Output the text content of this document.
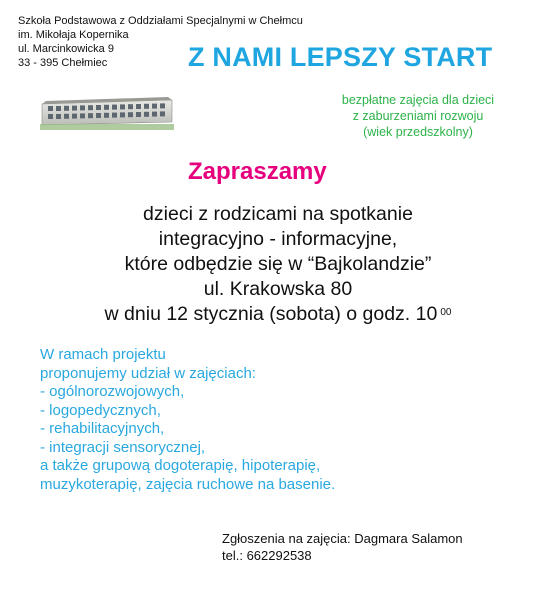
Szkoła Podstawowa z Oddziałami Specjalnymi w Chełmcu
im. Mikołaja Kopernika
ul. Marcinkowicka 9
33 - 395 Chełmiec	Z NAMI LEPSZY START
bezpłatne zajęcia dla dzieci
z zaburzeniami rozwoju
(wiek przedszkolny)
Zapraszamy
dzieci z rodzicami na spotkanie
integracyjno - informacyjne,
które odbędzie się w “Bajkolandzie”
ul. Krakowska 80
w dniu 12 stycznia (sobota) o godz. 10 $^{00}$
W ramach projektu
proponujemy udział w zajęciach:
- ogólnorozwojowych,
- logopedycznych,
- rehabilitacyjnych,
- integracji sensorycznej,
a także grupową dogoterapię, hipoterapię,
muzykoterapię, zajęcia ruchowe na basenie.
Zgłoszenia na zajęcia: Dagmara Salamon
tel.: 662292538
